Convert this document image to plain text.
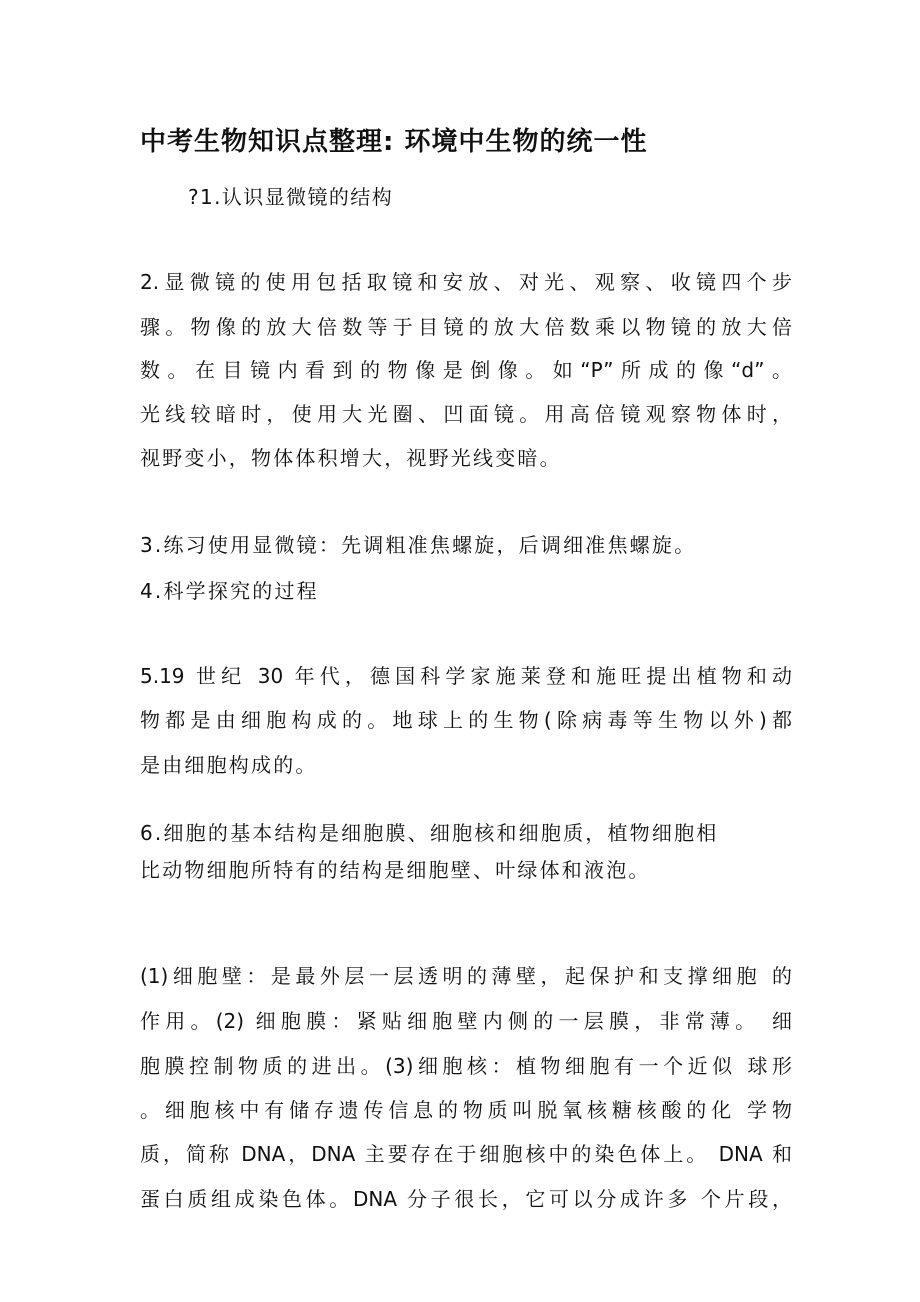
中考生物知识点整理: 环境中生物的统一性
?1.认识显微镜的结构
2.显微镜的使用包括取镜和安放、对光、观察、收镜四个步
骤。物像的放大倍数等于目镜的放大倍数乘以物镜的放大倍
数。在目镜内看到的物像是倒像。如“P”所成的像“d”。
光线较暗时，使用大光圈、凹面镜。用高倍镜观察物体时，
视野变小，物体体积增大，视野光线变暗。
3.练习使用显微镜：先调粗准焦螺旋，后调细准焦螺旋。
4.科学探究的过程
5.19 世纪 30 年代，德国科学家施莱登和施旺提出植物和动
物都是由细胞构成的。地球上的生物(除病毒等生物以外)都
是由细胞构成的。
6.细胞的基本结构是细胞膜、细胞核和细胞质，植物细胞相
比动物细胞所特有的结构是细胞壁、叶绿体和液泡。
(1)细胞壁：是最外层一层透明的薄壁，起保护和支撑细胞 的
作用。(2) 细胞膜：紧贴细胞壁内侧的一层膜，非常薄。 细
胞膜控制物质的进出。(3)细胞核：植物细胞有一个近似 球形
。细胞核中有储存遗传信息的物质叫脱氧核糖核酸的化 学物
质，简称 DNA，DNA 主要存在于细胞核中的染色体上。 DNA 和
蛋白质组成染色体。DNA 分子很长，它可以分成许多 个片段，
